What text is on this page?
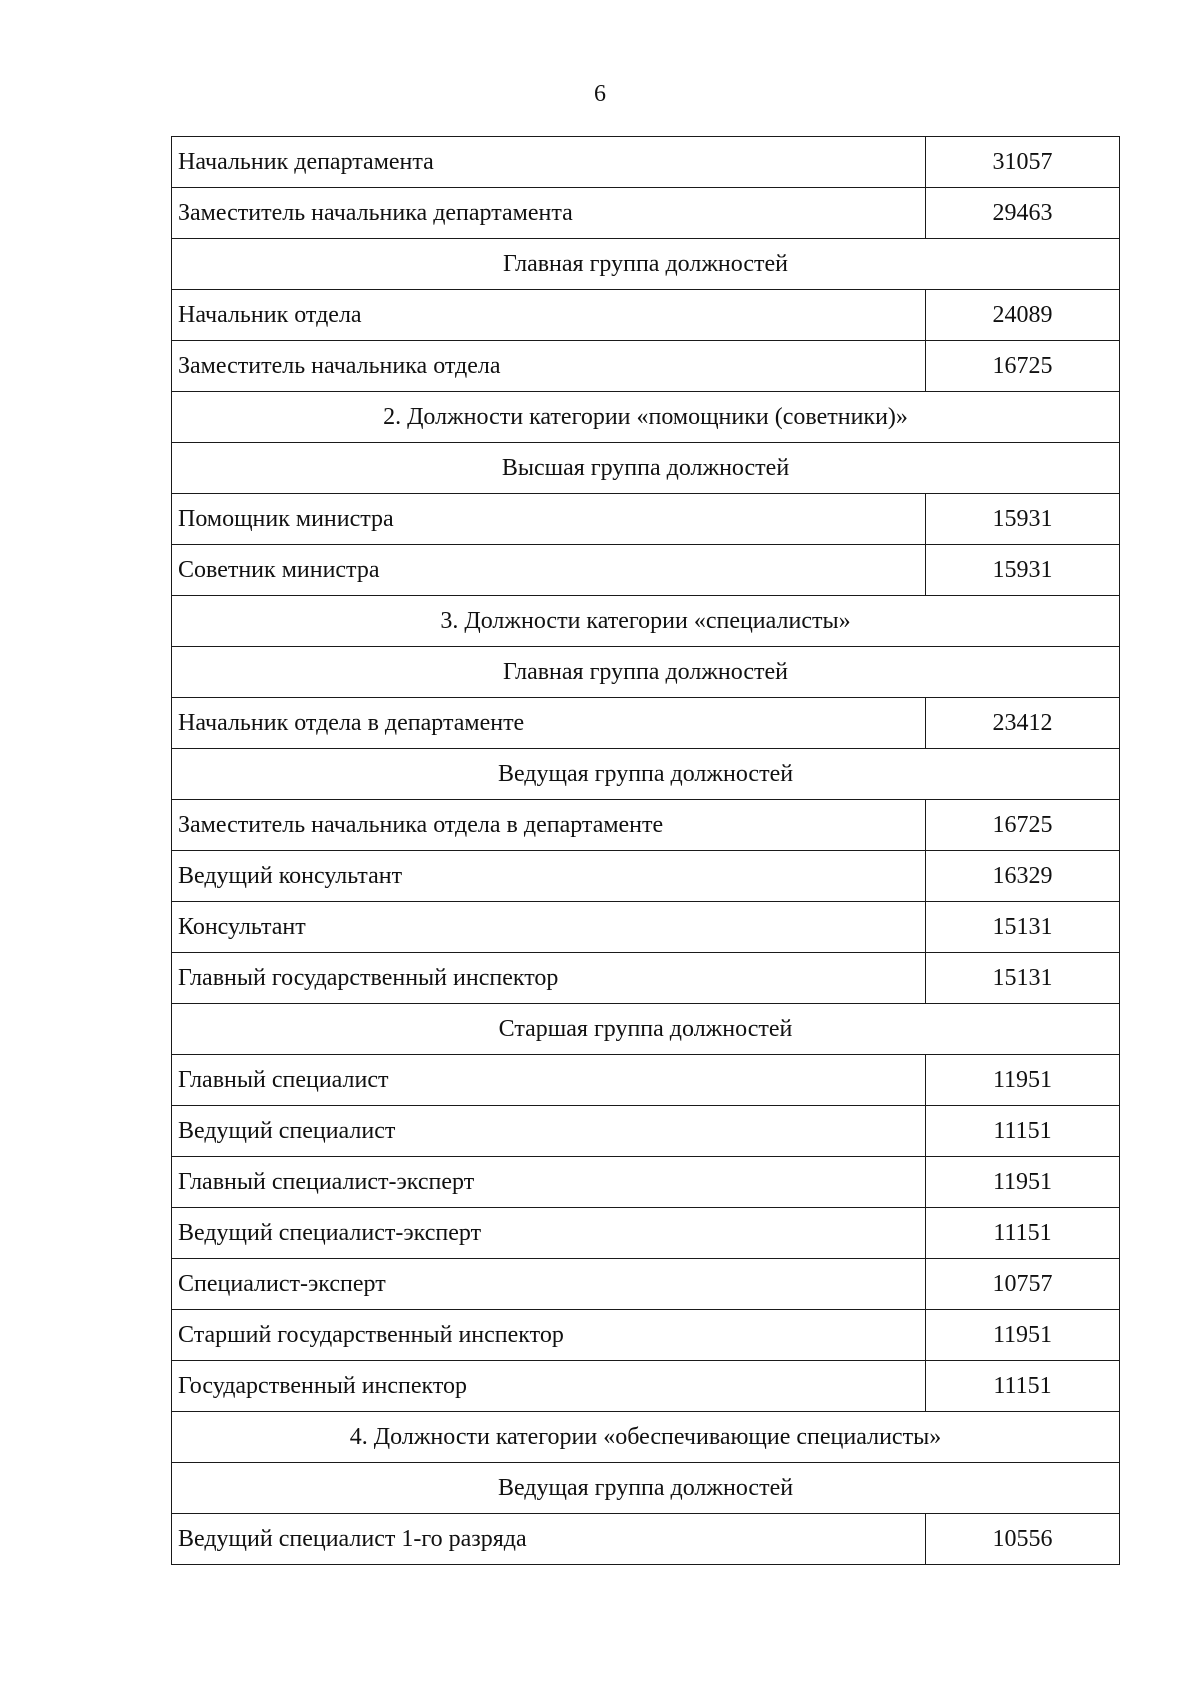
6
Начальник департамента	31057
Заместитель начальника департамента	29463
Главная группа должностей	
Начальник отдела	24089
Заместитель начальника отдела	16725
2. Должности категории «помощники (советники)»	
Высшая группа должностей	
Помощник министра	15931
Советник министра	15931
3. Должности категории «специалисты»	
Главная группа должностей	
Начальник отдела в департаменте	23412
Ведущая группа должностей	
Заместитель начальника отдела в департаменте	16725
Ведущий консультант	16329
Консультант	15131
Главный государственный инспектор	15131
Старшая группа должностей	
Главный специалист	11951
Ведущий специалист	11151
Главный специалист-эксперт	11951
Ведущий специалист-эксперт	11151
Специалист-эксперт	10757
Старший государственный инспектор	11951
Государственный инспектор	11151
4. Должности категории «обеспечивающие специалисты»	
Ведущая группа должностей	
Ведущий специалист 1-го разряда	10556
